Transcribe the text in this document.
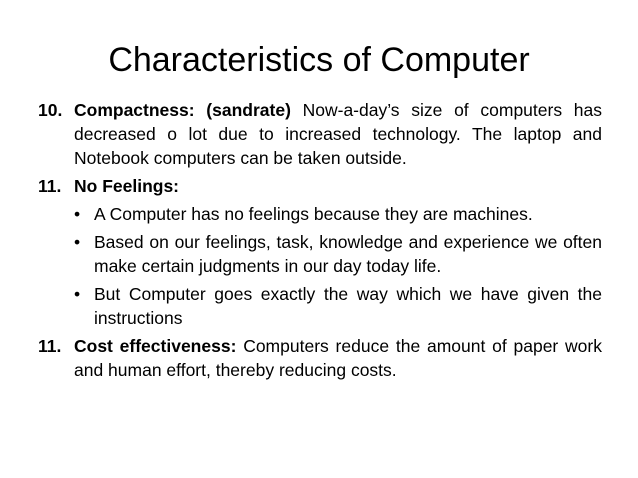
Characteristics of Computer

10. Compactness: (sandrate) Now-a-day’s size of computers has decreased o lot due to increased technology. The laptop and Notebook computers can be taken outside.

11. No Feelings:

• A Computer has no feelings because they are machines.
• Based on our feelings, task, knowledge and experience we often make certain judgments in our day today life.
• But Computer goes exactly the way which we have given the instructions

11. Cost effectiveness: Computers reduce the amount of paper work and human effort, thereby reducing costs.
